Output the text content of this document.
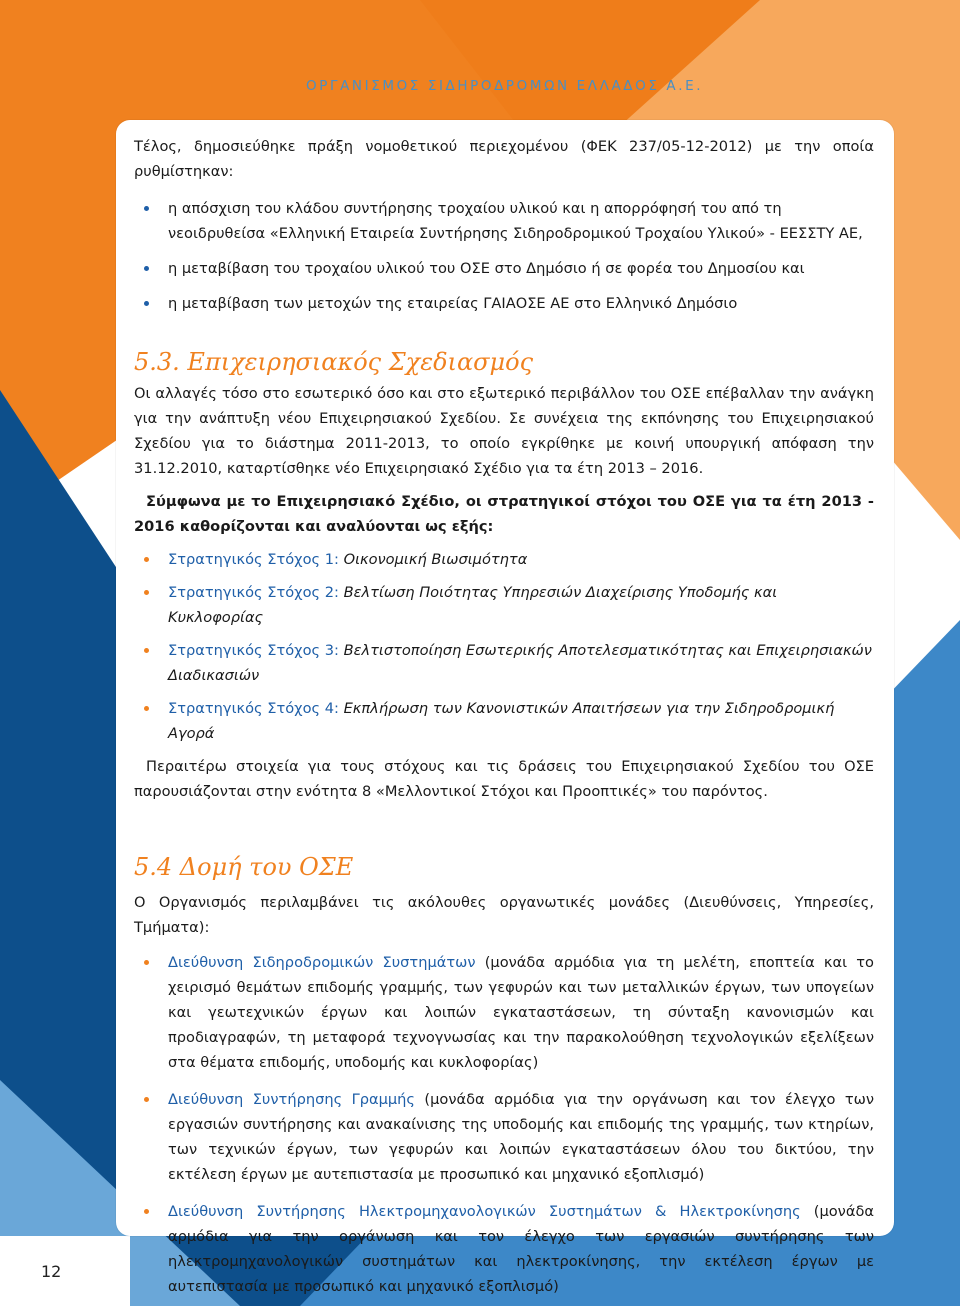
ΟΡΓΑΝΙΣΜΟΣ ΣΙΔΗΡΟΔΡΟΜΩΝ ΕΛΛΑΔΟΣ Α.Ε.

Τέλος, δημοσιεύθηκε πράξη νομοθετικού περιεχομένου (ΦΕΚ 237/05-12-2012) με την οποία ρυθμίστηκαν:

η απόσχιση του κλάδου συντήρησης τροχαίου υλικού και η απορρόφησή του από τη νεοιδρυθείσα «Ελληνική Εταιρεία Συντήρησης Σιδηροδρομικού Τροχαίου Υλικού» - ΕΕΣΣΤΥ ΑΕ,
η μεταβίβαση του τροχαίου υλικού του ΟΣΕ στο Δημόσιο ή σε φορέα του Δημοσίου και
η μεταβίβαση των μετοχών της εταιρείας ΓΑΙΑΟΣΕ ΑΕ στο Ελληνικό Δημόσιο
5.3. Επιχειρησιακός Σχεδιασμός

Οι αλλαγές τόσο στο εσωτερικό όσο και στο εξωτερικό περιβάλλον του ΟΣΕ επέβαλλαν την ανάγκη για την ανάπτυξη νέου Επιχειρησιακού Σχεδίου. Σε συνέχεια της εκπόνησης του Επιχειρησιακού Σχεδίου για το διάστημα 2011-2013, το οποίο εγκρίθηκε με κοινή υπουργική απόφαση την 31.12.2010, καταρτίσθηκε νέο Επιχειρησιακό Σχέδιο για τα έτη 2013 – 2016.

Σύμφωνα με το Επιχειρησιακό Σχέδιο, οι στρατηγικοί στόχοι του ΟΣΕ για τα έτη 2013 - 2016 καθορίζονται και αναλύονται ως εξής:

Στρατηγικός Στόχος 1: Οικονομική Βιωσιμότητα
Στρατηγικός Στόχος 2: Βελτίωση Ποιότητας Υπηρεσιών Διαχείρισης Υποδομής και Κυκλοφορίας
Στρατηγικός Στόχος 3: Βελτιστοποίηση Εσωτερικής Αποτελεσματικότητας και Επιχειρησιακών Διαδικασιών
Στρατηγικός Στόχος 4: Εκπλήρωση των Κανονιστικών Απαιτήσεων για την Σιδηροδρομική Αγορά

Περαιτέρω στοιχεία για τους στόχους και τις δράσεις του Επιχειρησιακού Σχεδίου του ΟΣΕ παρουσιάζονται στην ενότητα 8 «Μελλοντικοί Στόχοι και Προοπτικές» του παρόντος.

5.4 Δομή του ΟΣΕ

Ο Οργανισμός περιλαμβάνει τις ακόλουθες οργανωτικές μονάδες (Διευθύνσεις, Υπηρεσίες, Τμήματα):

Διεύθυνση Σιδηροδρομικών Συστημάτων (μονάδα αρμόδια για τη μελέτη, εποπτεία και το χειρισμό θεμάτων επιδομής γραμμής, των γεφυρών και των μεταλλικών έργων, των υπογείων και γεωτεχνικών έργων και λοιπών εγκαταστάσεων, τη σύνταξη κανονισμών και προδιαγραφών, τη μεταφορά τεχνογνωσίας και την παρακολούθηση τεχνολογικών εξελίξεων στα θέματα επιδομής, υποδομής και κυκλοφορίας)
Διεύθυνση Συντήρησης Γραμμής (μονάδα αρμόδια για την οργάνωση και τον έλεγχο των εργασιών συντήρησης και ανακαίνισης της υποδομής και επιδομής της γραμμής, των κτηρίων, των τεχνικών έργων, των γεφυρών και λοιπών εγκαταστάσεων όλου του δικτύου, την εκτέλεση έργων με αυτεπιστασία με προσωπικό και μηχανικό εξοπλισμό)
Διεύθυνση Συντήρησης Ηλεκτρομηχανολογικών Συστημάτων & Ηλεκτροκίνησης (μονάδα αρμόδια για την οργάνωση και τον έλεγχο των εργασιών συντήρησης των ηλεκτρομηχανολογικών συστημάτων και ηλεκτροκίνησης, την εκτέλεση έργων με αυτεπιστασία με προσωπικό και μηχανικό εξοπλισμό)
12
